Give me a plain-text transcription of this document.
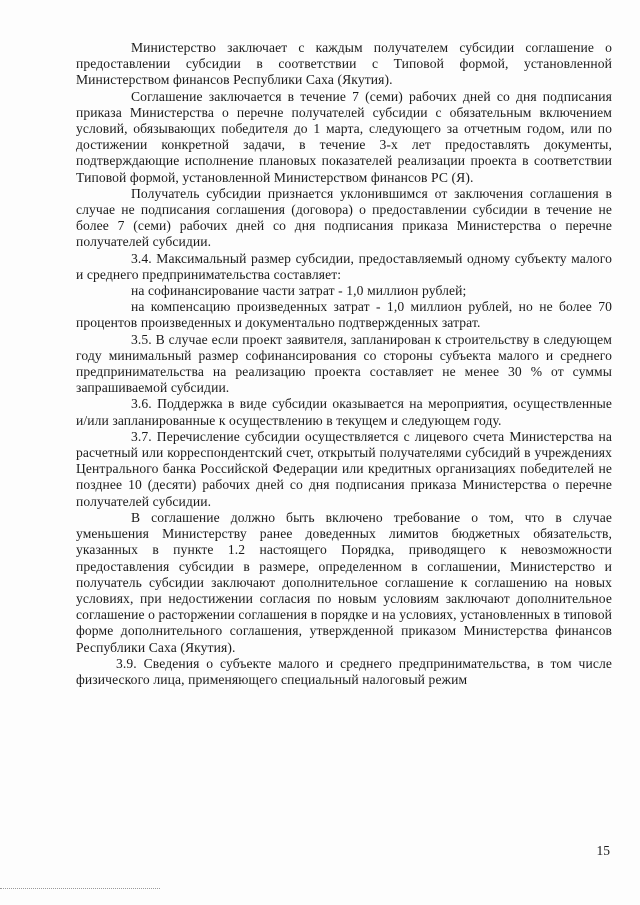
Министерство заключает с каждым получателем субсидии соглашение о предоставлении субсидии в соответствии с Типовой формой, установленной Министерством финансов Республики Саха (Якутия).

Соглашение заключается в течение 7 (семи) рабочих дней со дня подписания приказа Министерства о перечне получателей субсидии с обязательным включением условий, обязывающих победителя до 1 марта, следующего за отчетным годом, или по достижении конкретной задачи, в течение 3-х лет предоставлять документы, подтверждающие исполнение плановых показателей реализации проекта в соответствии Типовой формой, установленной Министерством финансов РС (Я).

Получатель субсидии признается уклонившимся от заключения соглашения в случае не подписания соглашения (договора) о предоставлении субсидии в течение не более 7 (семи) рабочих дней со дня подписания приказа Министерства о перечне получателей субсидии.

3.4. Максимальный размер субсидии, предоставляемый одному субъекту малого и среднего предпринимательства составляет:

на софинансирование части затрат - 1,0 миллион рублей;

на компенсацию произведенных затрат - 1,0 миллион рублей, но не более 70 процентов произведенных и документально подтвержденных затрат.

3.5. В случае если проект заявителя, запланирован к строительству в следующем году минимальный размер софинансирования со стороны субъекта малого и среднего предпринимательства на реализацию проекта составляет не менее 30 % от суммы запрашиваемой субсидии.

3.6. Поддержка в виде субсидии оказывается на мероприятия, осуществленные и/или запланированные к осуществлению в текущем и следующем году.

3.7. Перечисление субсидии осуществляется с лицевого счета Министерства на расчетный или корреспондентский счет, открытый получателями субсидий в учреждениях Центрального банка Российской Федерации или кредитных организациях победителей не позднее 10 (десяти) рабочих дней со дня подписания приказа Министерства о перечне получателей субсидии.

В соглашение должно быть включено требование о том, что в случае уменьшения Министерству ранее доведенных лимитов бюджетных обязательств, указанных в пункте 1.2 настоящего Порядка, приводящего к невозможности предоставления субсидии в размере, определенном в соглашении, Министерство и получатель субсидии заключают дополнительное соглашение к соглашению на новых условиях, при недостижении согласия по новым условиям заключают дополнительное соглашение о расторжении соглашения в порядке и на условиях, установленных в типовой форме дополнительного соглашения, утвержденной приказом Министерства финансов Республики Саха (Якутия).

3.9. Сведения о субъекте малого и среднего предпринимательства, в том числе физического лица, применяющего специальный налоговый режим

15
